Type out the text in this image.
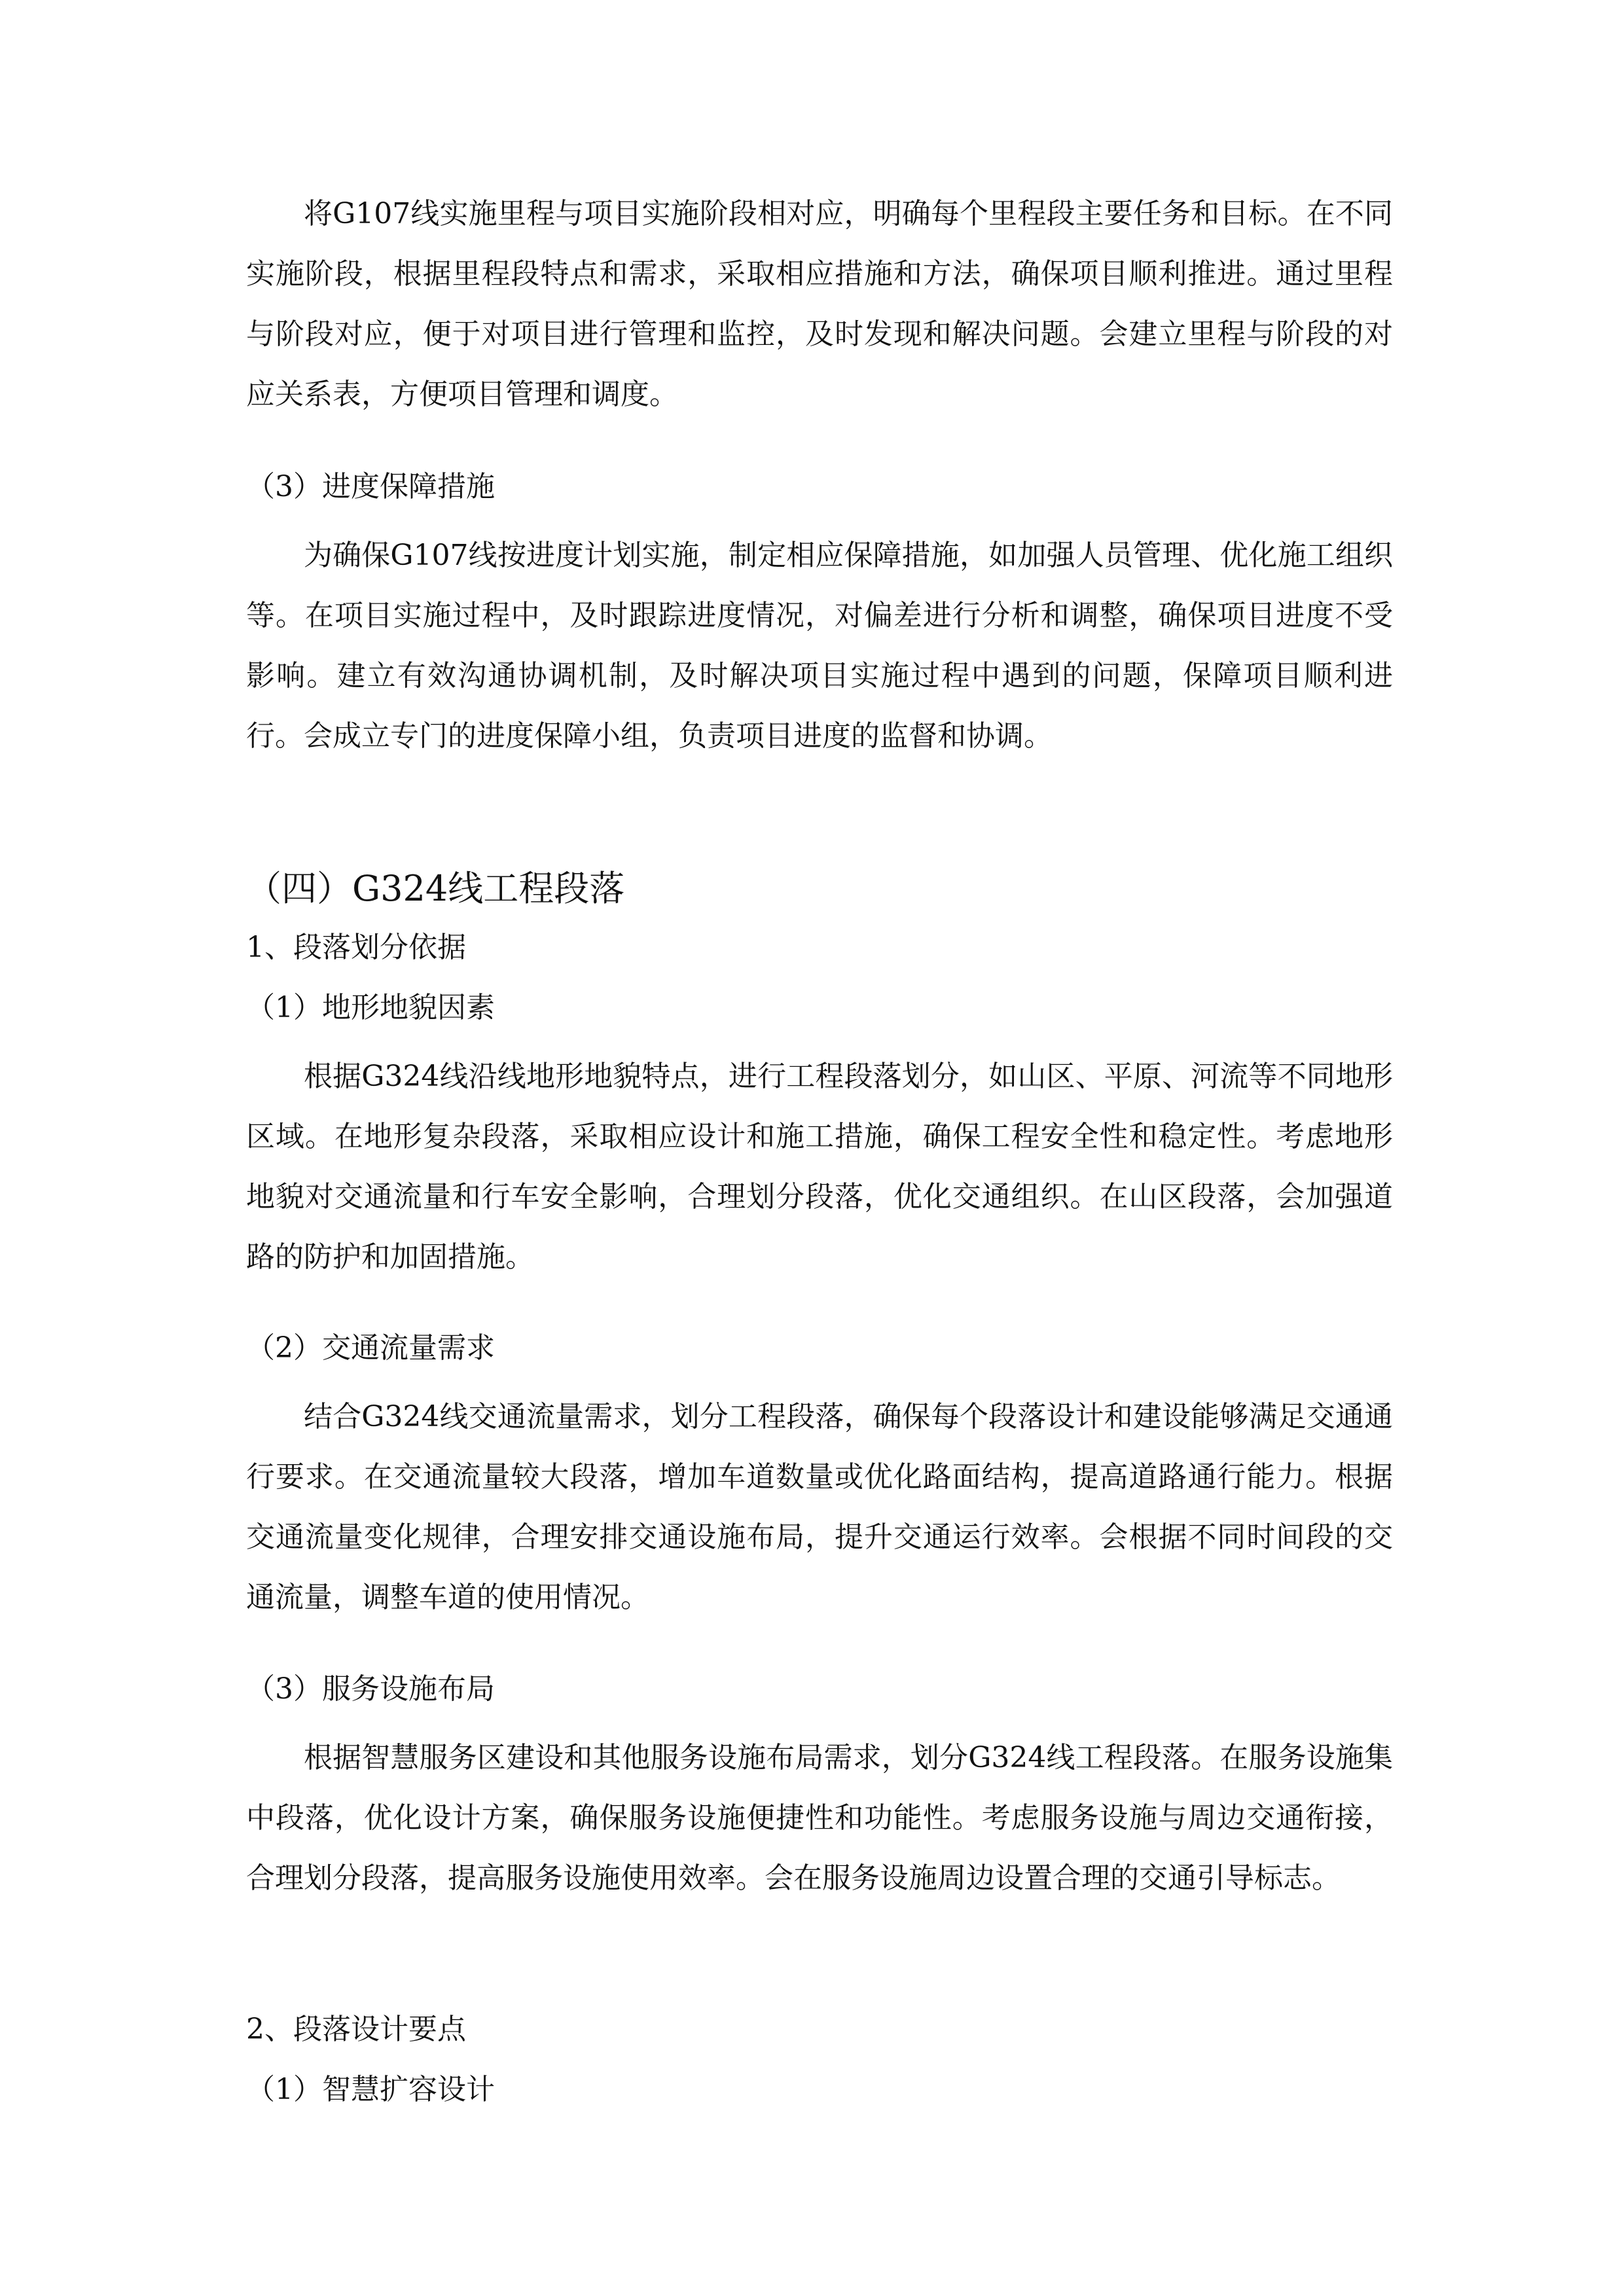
将G107线实施里程与项目实施阶段相对应，明确每个里程段主要任务和目标。在不同实施阶段，根据里程段特点和需求，采取相应措施和方法，确保项目顺利推进。通过里程与阶段对应，便于对项目进行管理和监控，及时发现和解决问题。会建立里程与阶段的对应关系表，方便项目管理和调度。

（3）进度保障措施

为确保G107线按进度计划实施，制定相应保障措施，如加强人员管理、优化施工组织等。在项目实施过程中，及时跟踪进度情况，对偏差进行分析和调整，确保项目进度不受影响。建立有效沟通协调机制，及时解决项目实施过程中遇到的问题，保障项目顺利进行。会成立专门的进度保障小组，负责项目进度的监督和协调。

（四）G324线工程段落

1、段落划分依据

（1）地形地貌因素

根据G324线沿线地形地貌特点，进行工程段落划分，如山区、平原、河流等不同地形区域。在地形复杂段落，采取相应设计和施工措施，确保工程安全性和稳定性。考虑地形地貌对交通流量和行车安全影响，合理划分段落，优化交通组织。在山区段落，会加强道路的防护和加固措施。

（2）交通流量需求

结合G324线交通流量需求，划分工程段落，确保每个段落设计和建设能够满足交通通行要求。在交通流量较大段落，增加车道数量或优化路面结构，提高道路通行能力。根据交通流量变化规律，合理安排交通设施布局，提升交通运行效率。会根据不同时间段的交通流量，调整车道的使用情况。

（3）服务设施布局

根据智慧服务区建设和其他服务设施布局需求，划分G324线工程段落。在服务设施集中段落，优化设计方案，确保服务设施便捷性和功能性。考虑服务设施与周边交通衔接，合理划分段落，提高服务设施使用效率。会在服务设施周边设置合理的交通引导标志。

2、段落设计要点

（1）智慧扩容设计
